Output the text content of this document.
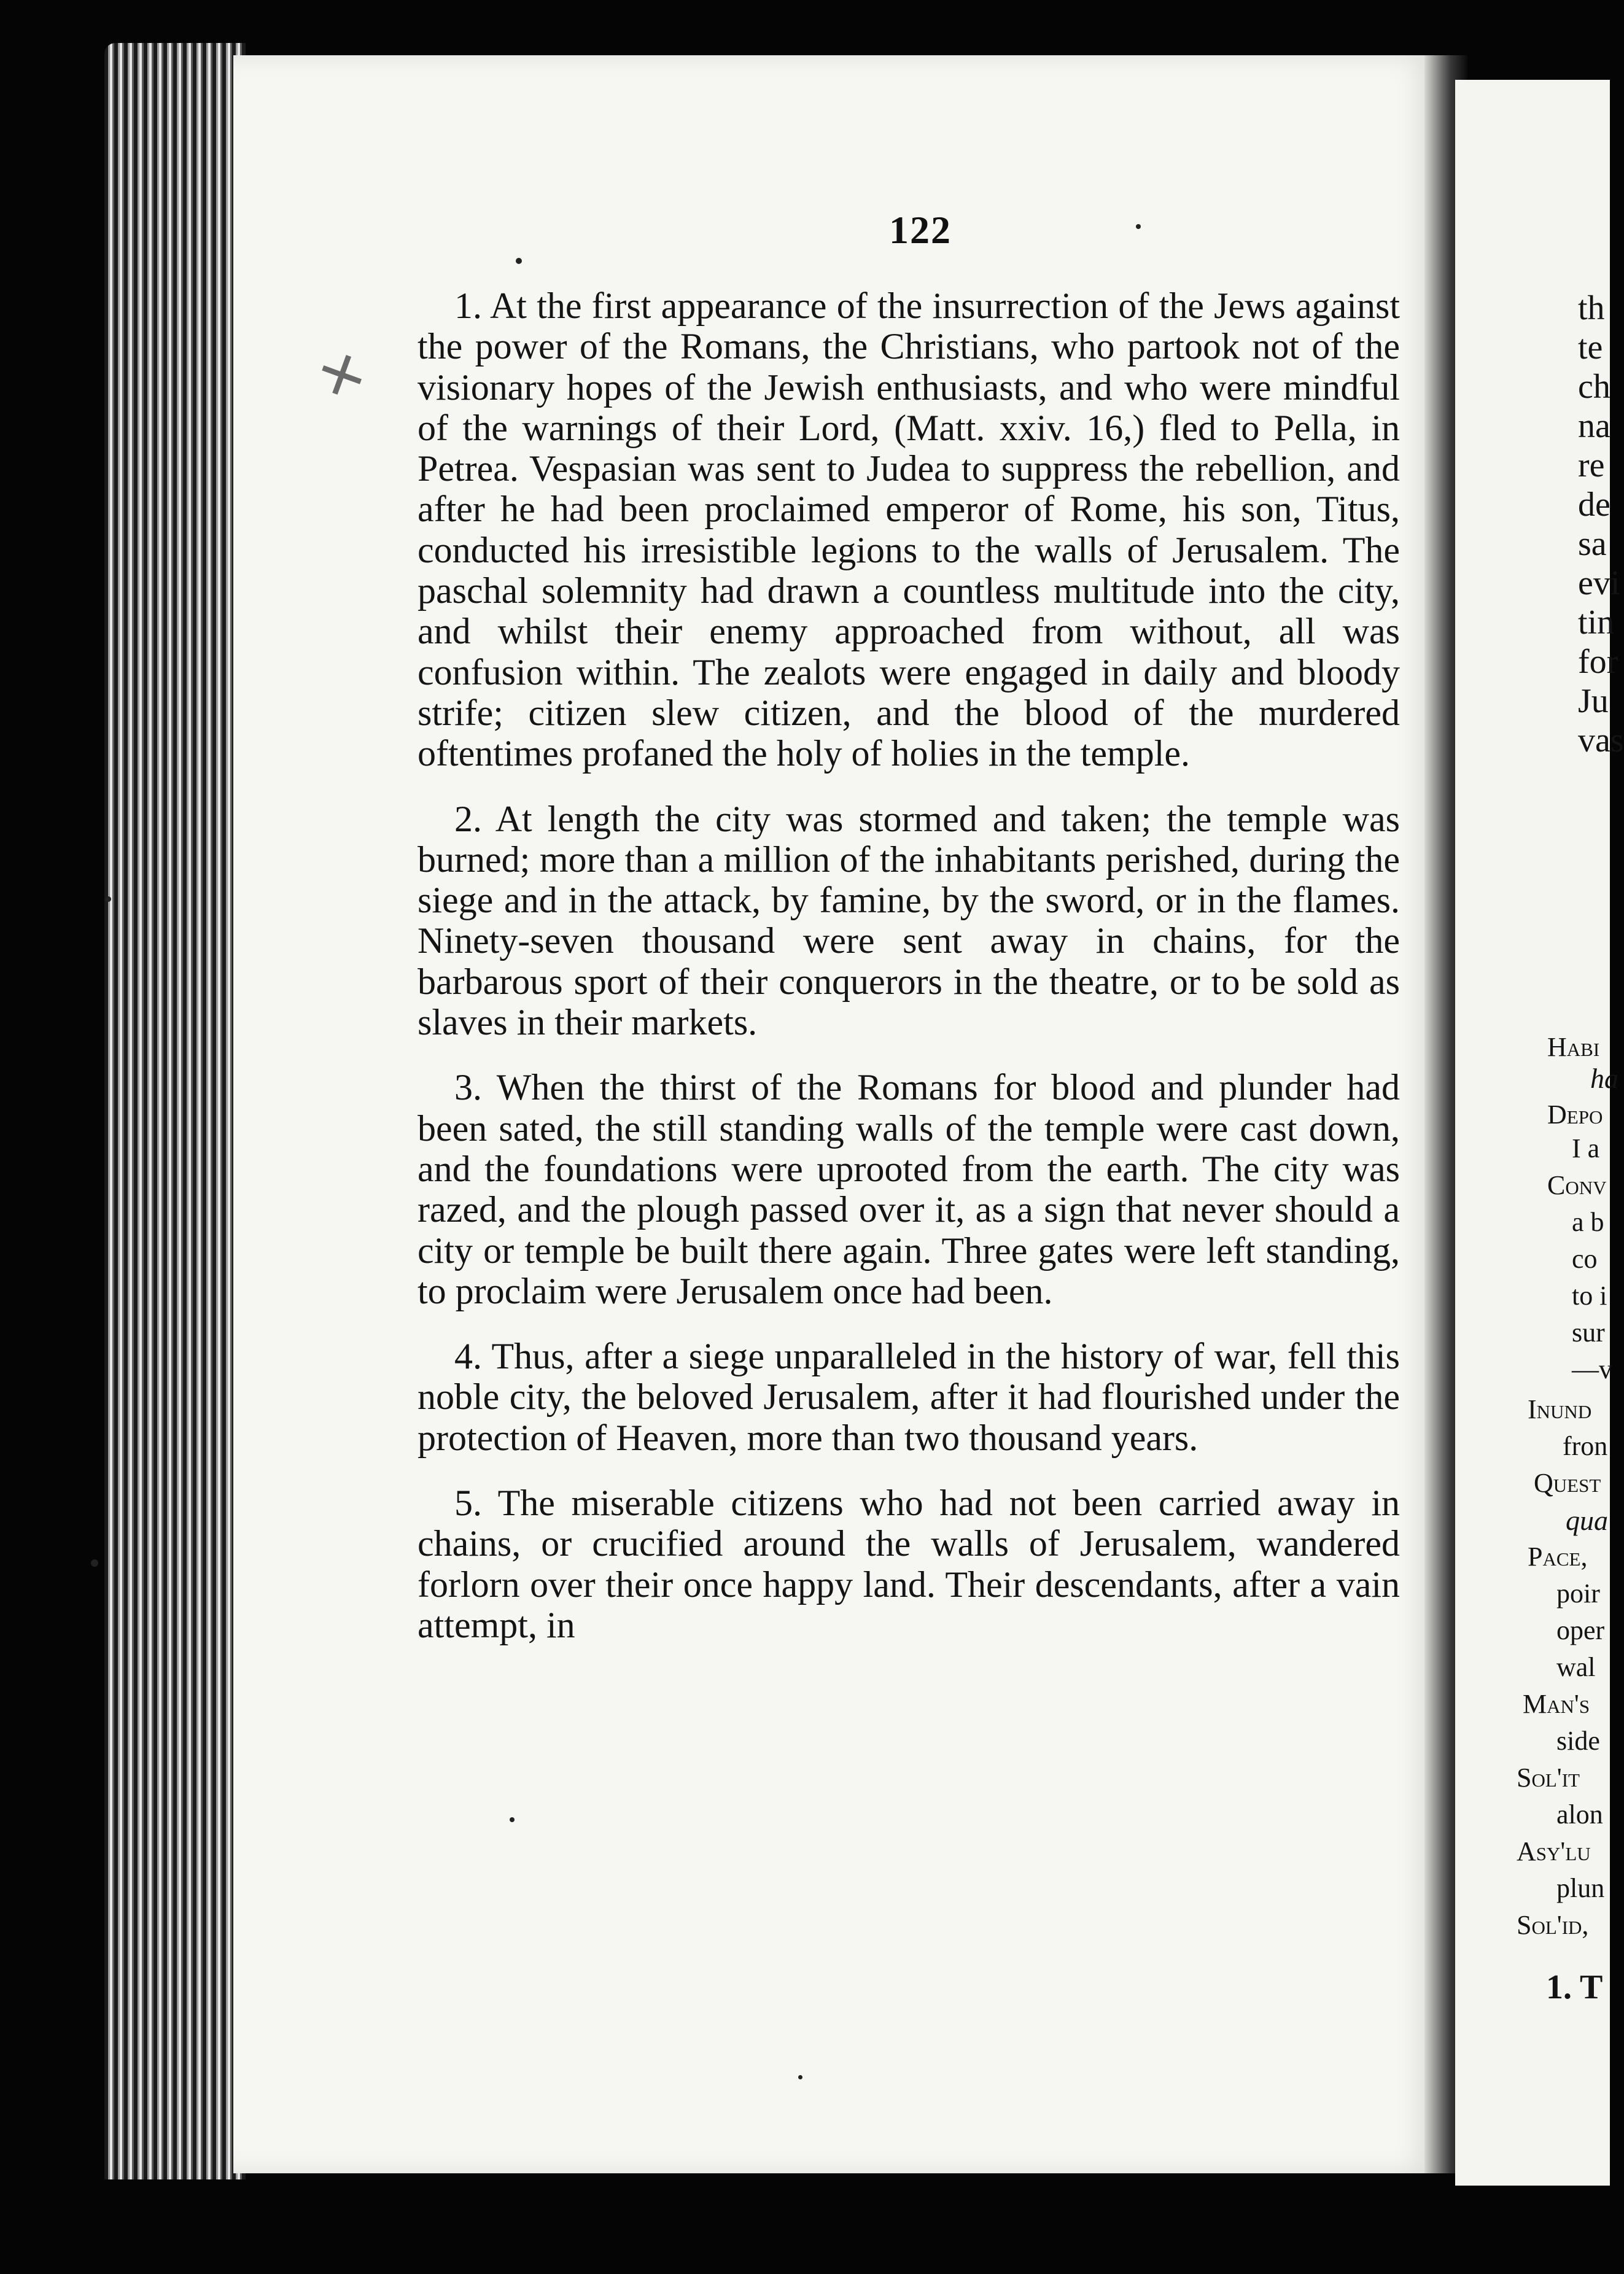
122

1. At the first appearance of the insurrection of the Jews against the power of the Romans, the Christians, who partook not of the visionary hopes of the Jewish enthusiasts, and who were mindful of the warnings of their Lord, (Matt. xxiv. 16,) fled to Pella, in Petrea. Vespasian was sent to Judea to suppress the rebellion, and after he had been proclaimed emperor of Rome, his son, Titus, conducted his irresistible legions to the walls of Jerusalem. The paschal solemnity had drawn a countless multitude into the city, and whilst their enemy approached from without, all was confusion within. The zealots were engaged in daily and bloody strife; citizen slew citizen, and the blood of the murdered oftentimes profaned the holy of holies in the temple.

2. At length the city was stormed and taken; the temple was burned; more than a million of the inhabitants perished, during the siege and in the attack, by famine, by the sword, or in the flames. Ninety-seven thousand were sent away in chains, for the barbarous sport of their conquerors in the theatre, or to be sold as slaves in their markets.

3. When the thirst of the Romans for blood and plunder had been sated, the still standing walls of the temple were cast down, and the foundations were uprooted from the earth. The city was razed, and the plough passed over it, as a sign that never should a city or temple be built there again. Three gates were left standing, to proclaim were Jerusalem once had been.

4. Thus, after a siege unparalleled in the history of war, fell this noble city, the beloved Jerusalem, after it had flourished under the protection of Heaven, more than two thousand years.

5. The miserable citizens who had not been carried away in chains, or crucified around the walls of Jerusalem, wandered forlorn over their once happy land. Their descendants, after a vain attempt, in

th
te
ch
na
re
de
sa
evi
tin
for
Ju
vas
Habi
ha
Depo
I a
Conv
a b
co
to i
sur
—v
Inund
fron
Quest
qua
Pace,
poir
oper
wal
Man's
side
Sol'it
alon
Asy'lu
plun
Sol'id,
1. T
✕
